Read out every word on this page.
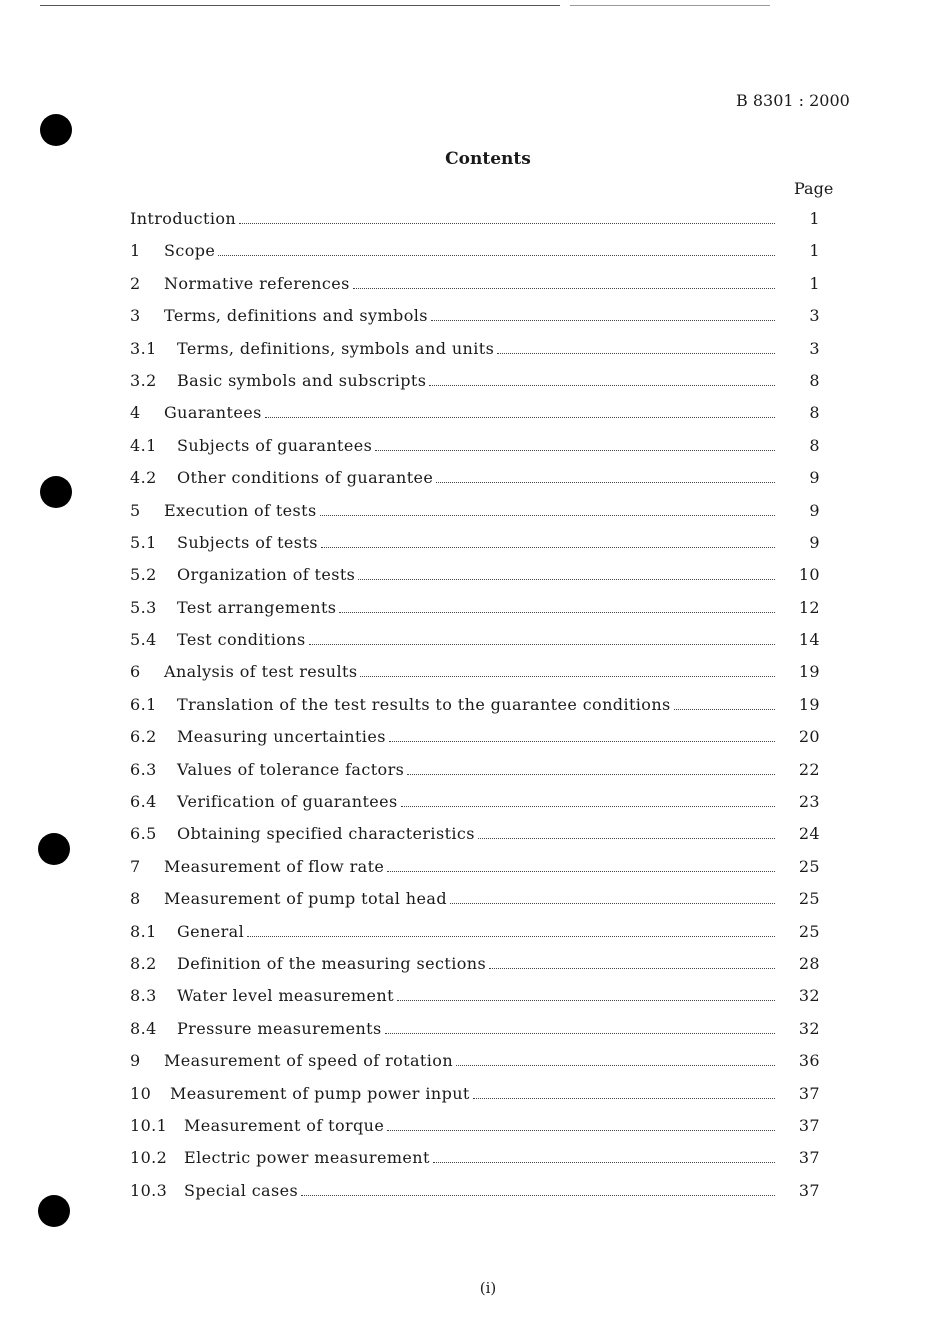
B 8301 : 2000
Contents
Page
Introduction	1
1	Scope	1
2	Normative references	1
3	Terms, definitions and symbols	3
3.1	Terms, definitions, symbols and units	3
3.2	Basic symbols and subscripts	8
4	Guarantees	8
4.1	Subjects of guarantees	8
4.2	Other conditions of guarantee	9
5	Execution of tests	9
5.1	Subjects of tests	9
5.2	Organization of tests	10
5.3	Test arrangements	12
5.4	Test conditions	14
6	Analysis of test results	19
6.1	Translation of the test results to the guarantee conditions	19
6.2	Measuring uncertainties	20
6.3	Values of tolerance factors	22
6.4	Verification of guarantees	23
6.5	Obtaining specified characteristics	24
7	Measurement of flow rate	25
8	Measurement of pump total head	25
8.1	General	25
8.2	Definition of the measuring sections	28
8.3	Water level measurement	32
8.4	Pressure measurements	32
9	Measurement of speed of rotation	36
10	Measurement of pump power input	37
10.1	Measurement of torque	37
10.2	Electric power measurement	37
10.3	Special cases	37
(i)
